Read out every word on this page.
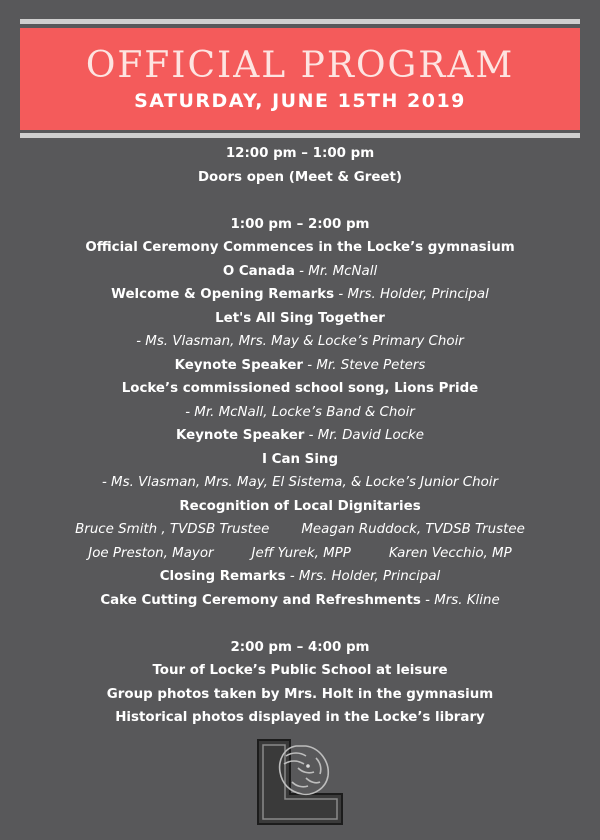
OFFICIAL PROGRAM
SATURDAY, JUNE 15TH 2019
12:00 pm – 1:00 pm
Doors open (Meet & Greet)
1:00 pm – 2:00 pm
Official Ceremony Commences in the Locke’s gymnasium
O Canada - Mr. McNall
Welcome & Opening Remarks - Mrs. Holder, Principal
Let's All Sing Together
- Ms. Vlasman, Mrs. May & Locke’s Primary Choir
Keynote Speaker - Mr. Steve Peters
Locke’s commissioned school song, Lions Pride
- Mr. McNall, Locke’s Band & Choir
Keynote Speaker - Mr. David Locke
I Can Sing
- Ms. Vlasman, Mrs. May, El Sistema, & Locke’s Junior Choir
Recognition of Local Dignitaries
Bruce Smith , TVDSB Trustee Meagan Ruddock, TVDSB Trustee
Joe Preston, Mayor	Jeff Yurek, MPP	Karen Vecchio, MP
Closing Remarks - Mrs. Holder, Principal
Cake Cutting Ceremony and Refreshments - Mrs. Kline
2:00 pm – 4:00 pm
Tour of Locke’s Public School at leisure
Group photos taken by Mrs. Holt in the gymnasium
Historical photos displayed in the Locke’s library
